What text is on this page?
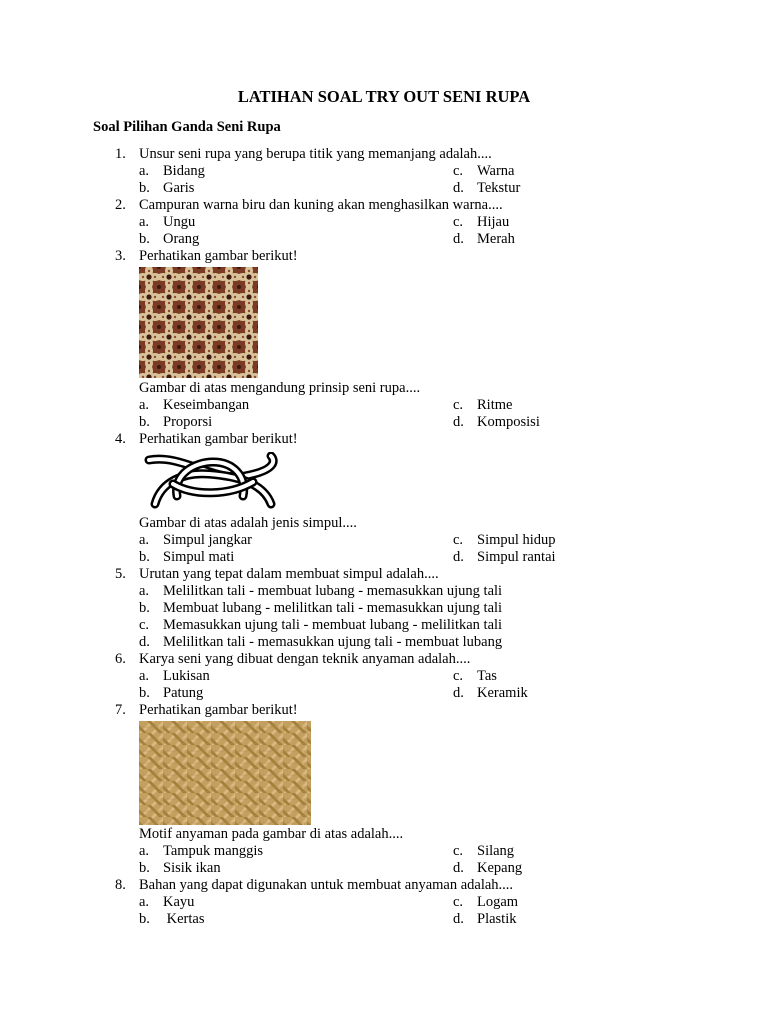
LATIHAN SOAL TRY OUT SENI RUPA
Soal Pilihan Ganda Seni Rupa
1. Unsur seni rupa yang berupa titik yang memanjang adalah....
a. Bidang	c. Warna
b. Garis	d. Tekstur
2. Campuran warna biru dan kuning akan menghasilkan warna....
a. Ungu	c. Hijau
b. Orang	d. Merah
3. Perhatikan gambar berikut!
Gambar di atas mengandung prinsip seni rupa....
a. Keseimbangan	c. Ritme
b. Proporsi	d. Komposisi
4. Perhatikan gambar berikut!
Gambar di atas adalah jenis simpul....
a. Simpul jangkar	c. Simpul hidup
b. Simpul mati	d. Simpul rantai
5. Urutan yang tepat dalam membuat simpul adalah....
a. Melilitkan tali - membuat lubang - memasukkan ujung tali
b. Membuat lubang - melilitkan tali - memasukkan ujung tali
c. Memasukkan ujung tali - membuat lubang - melilitkan tali
d. Melilitkan tali - memasukkan ujung tali - membuat lubang
6. Karya seni yang dibuat dengan teknik anyaman adalah....
a. Lukisan	c. Tas
b. Patung	d. Keramik
7. Perhatikan gambar berikut!
Motif anyaman pada gambar di atas adalah....
a. Tampuk manggis	c. Silang
b. Sisik ikan	d. Kepang
8. Bahan yang dapat digunakan untuk membuat anyaman adalah....
a. Kayu	c. Logam
b. Kertas	d. Plastik
